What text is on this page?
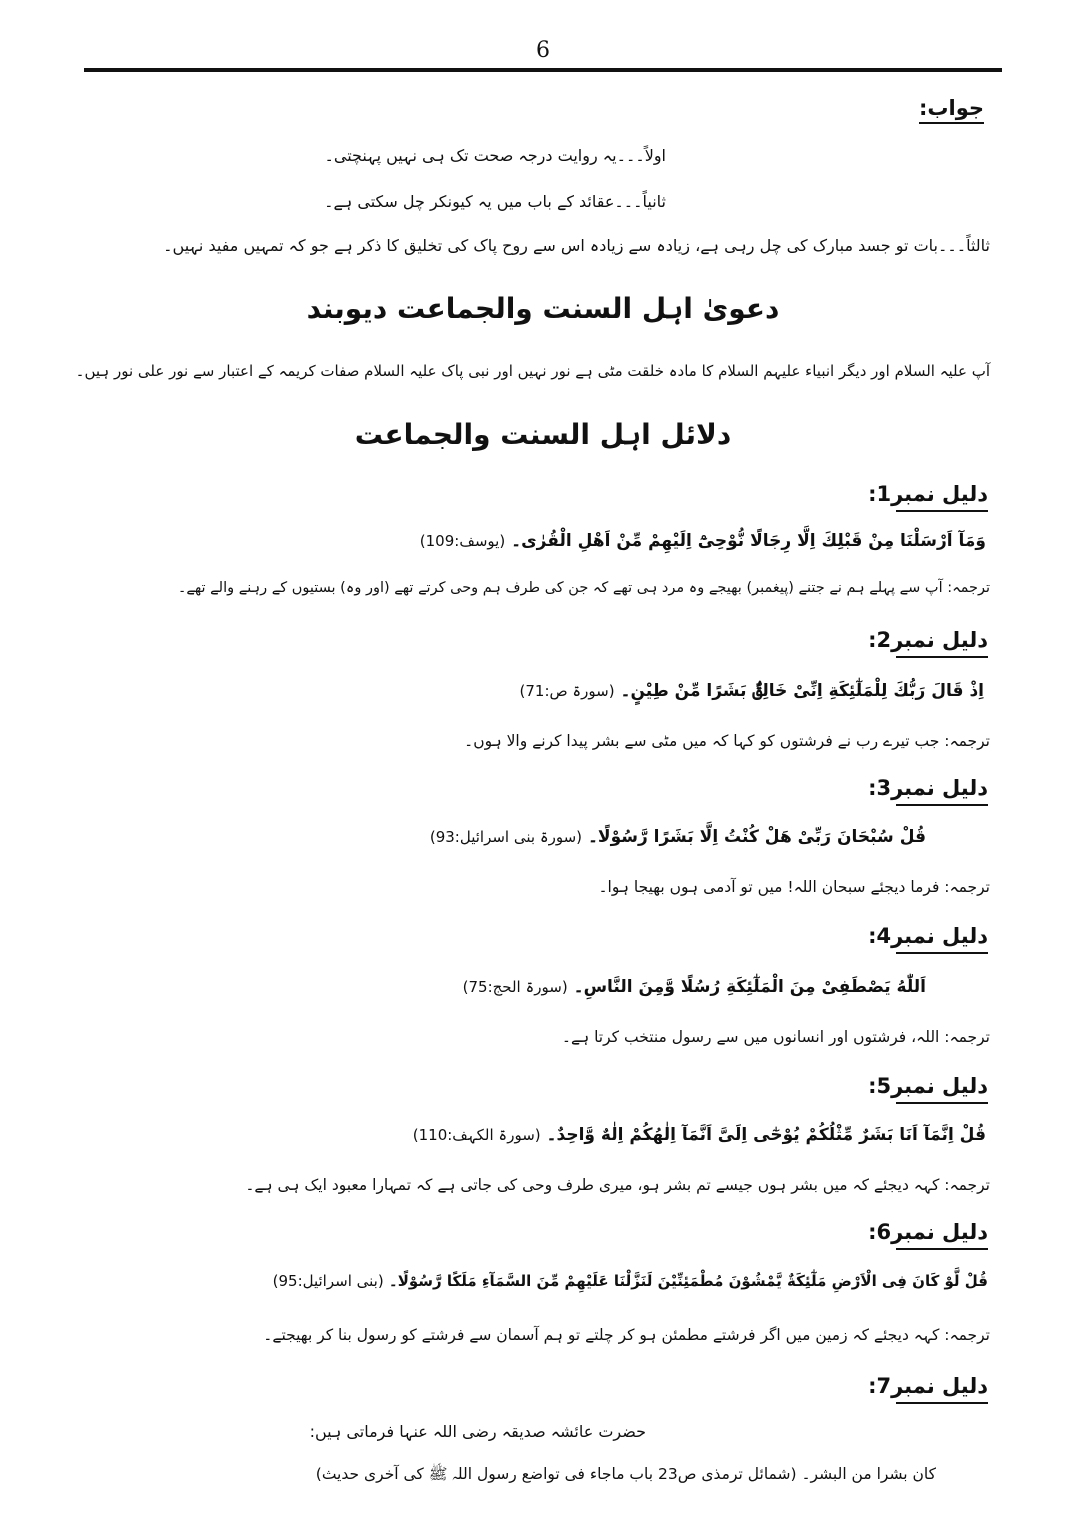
6
جواب:
اولاً۔۔۔یہ روایت درجہ صحت تک ہی نہیں پہنچتی۔
ثانیاً۔۔۔عقائد کے باب میں یہ کیونکر چل سکتی ہے۔
ثالثاً۔۔۔بات تو جسد مبارک کی چل رہی ہے، زیادہ سے زیادہ اس سے روح پاک کی تخلیق کا ذکر ہے جو کہ تمہیں مفید نہیں۔
دعویٰ اہل السنت والجماعت دیوبند
آپ علیہ السلام اور دیگر انبیاء علیہم السلام کا مادہ خلقت مٹی ہے نور نہیں اور نبی پاک علیہ السلام صفات کریمہ کے اعتبار سے نور علی نور ہیں۔
دلائل اہل السنت والجماعت
دلیل نمبر1:
وَمَآ اَرْسَلْنَا مِنْ قَبْلِكَ اِلَّا رِجَالًا نُّوْحِیْٓ اِلَیْهِمْ مِّنْ اَهْلِ الْقُرٰی۔ (یوسف:109)
ترجمہ: آپ سے پہلے ہم نے جتنے (پیغمبر) بھیجے وہ مرد ہی تھے کہ جن کی طرف ہم وحی کرتے تھے (اور وہ) بستیوں کے رہنے والے تھے۔
دلیل نمبر2:
اِذْ قَالَ رَبُّكَ لِلْمَلٰٓئِكَةِ اِنِّیْ خَالِقٌۢ بَشَرًا مِّنْ طِیْنٍ۔ (سورۃ ص:71)
ترجمہ: جب تیرے رب نے فرشتوں کو کہا کہ میں مٹی سے بشر پیدا کرنے والا ہوں۔
دلیل نمبر3:
قُلْ سُبْحَانَ رَبِّیْ هَلْ كُنْتُ اِلَّا بَشَرًا رَّسُوْلًا۔ (سورۃ بنی اسرائیل:93)
ترجمہ: فرما دیجئے سبحان اللہ! میں تو آدمی ہوں بھیجا ہوا۔
دلیل نمبر4:
اَللّٰهُ یَصْطَفِیْ مِنَ الْمَلٰٓئِكَةِ رُسُلًا وَّمِنَ النَّاسِ۔ (سورۃ الحج:75)
ترجمہ: اللہ، فرشتوں اور انسانوں میں سے رسول منتخب کرتا ہے۔
دلیل نمبر5:
قُلْ اِنَّمَآ اَنَا بَشَرٌ مِّثْلُكُمْ یُوْحٰٓی اِلَیَّ اَنَّمَآ اِلٰهُكُمْ اِلٰهٌ وَّاحِدٌ۔ (سورۃ الکہف:110)
ترجمہ: کہہ دیجئے کہ میں بشر ہوں جیسے تم بشر ہو، میری طرف وحی کی جاتی ہے کہ تمہارا معبود ایک ہی ہے۔
دلیل نمبر6:
قُلْ لَّوْ كَانَ فِی الْاَرْضِ مَلٰٓئِكَةٌ یَّمْشُوْنَ مُطْمَئِنِّیْنَ لَنَزَّلْنَا عَلَیْهِمْ مِّنَ السَّمَآءِ مَلَكًا رَّسُوْلًا۔ (بنی اسرائیل:95)
ترجمہ: کہہ دیجئے کہ زمین میں اگر فرشتے مطمئن ہو کر چلتے تو ہم آسمان سے فرشتے کو رسول بنا کر بھیجتے۔
دلیل نمبر7:
حضرت عائشہ صدیقہ رضی اللہ عنہا فرماتی ہیں:
کان بشرا من البشر۔ (شمائل ترمذی ص23 باب ماجاء فی تواضع رسول اللہ ﷺ کی آخری حدیث)
